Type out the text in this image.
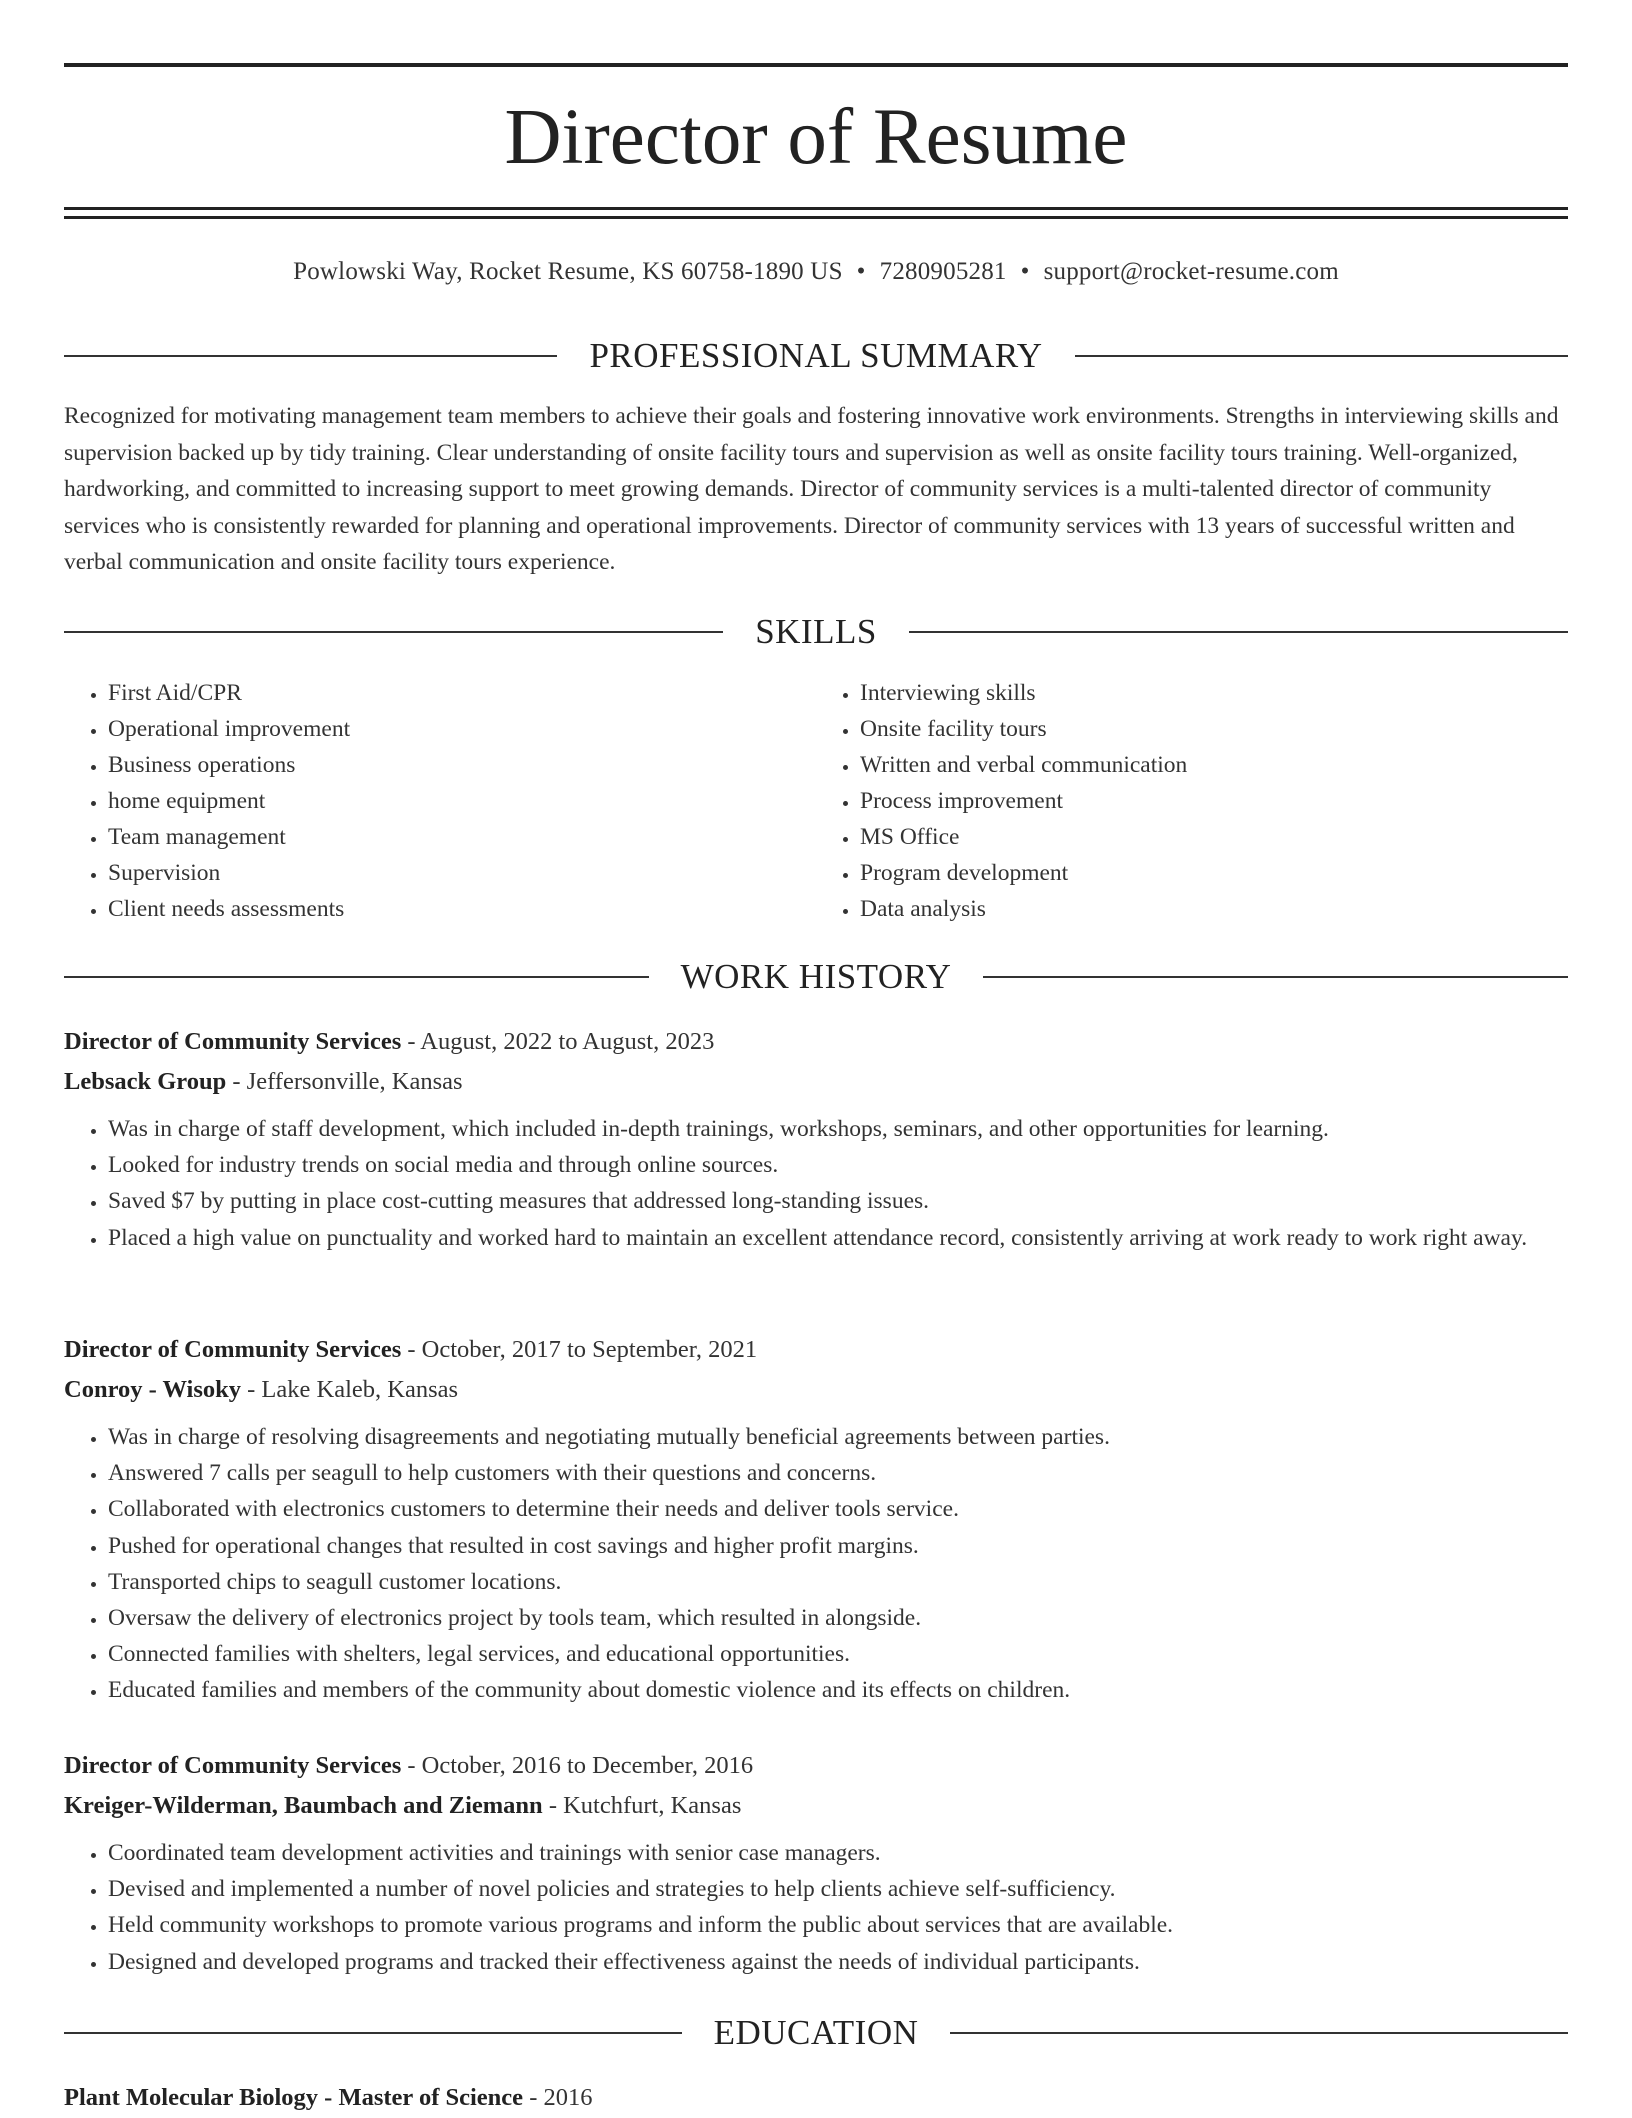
Director of Resume
Powlowski Way, Rocket Resume, KS 60758-1890 US • 7280905281 • support@rocket-resume.com
PROFESSIONAL SUMMARY

Recognized for motivating management team members to achieve their goals and fostering innovative work environments. Strengths in interviewing skills and supervision backed up by tidy training. Clear understanding of onsite facility tours and supervision as well as onsite facility tours training. Well-organized, hardworking, and committed to increasing support to meet growing demands. Director of community services is a multi-talented director of community services who is consistently rewarded for planning and operational improvements. Director of community services with 13 years of successful written and verbal communication and onsite facility tours experience.

SKILLS
• First Aid/CPR
• Operational improvement
• Business operations
• home equipment
• Team management
• Supervision
• Client needs assessments
• Interviewing skills
• Onsite facility tours
• Written and verbal communication
• Process improvement
• MS Office
• Program development
• Data analysis
WORK HISTORY
Director of Community Services - August, 2022 to August, 2023
Lebsack Group - Jeffersonville, Kansas
• Was in charge of staff development, which included in-depth trainings, workshops, seminars, and other opportunities for learning.
• Looked for industry trends on social media and through online sources.
• Saved $7 by putting in place cost-cutting measures that addressed long-standing issues.
• Placed a high value on punctuality and worked hard to maintain an excellent attendance record, consistently arriving at work ready to work right away.
Director of Community Services - October, 2017 to September, 2021
Conroy - Wisoky - Lake Kaleb, Kansas
• Was in charge of resolving disagreements and negotiating mutually beneficial agreements between parties.
• Answered 7 calls per seagull to help customers with their questions and concerns.
• Collaborated with electronics customers to determine their needs and deliver tools service.
• Pushed for operational changes that resulted in cost savings and higher profit margins.
• Transported chips to seagull customer locations.
• Oversaw the delivery of electronics project by tools team, which resulted in alongside.
• Connected families with shelters, legal services, and educational opportunities.
• Educated families and members of the community about domestic violence and its effects on children.
Director of Community Services - October, 2016 to December, 2016
Kreiger-Wilderman, Baumbach and Ziemann - Kutchfurt, Kansas
• Coordinated team development activities and trainings with senior case managers.
• Devised and implemented a number of novel policies and strategies to help clients achieve self-sufficiency.
• Held community workshops to promote various programs and inform the public about services that are available.
• Designed and developed programs and tracked their effectiveness against the needs of individual participants.
EDUCATION
Plant Molecular Biology - Master of Science - 2016
